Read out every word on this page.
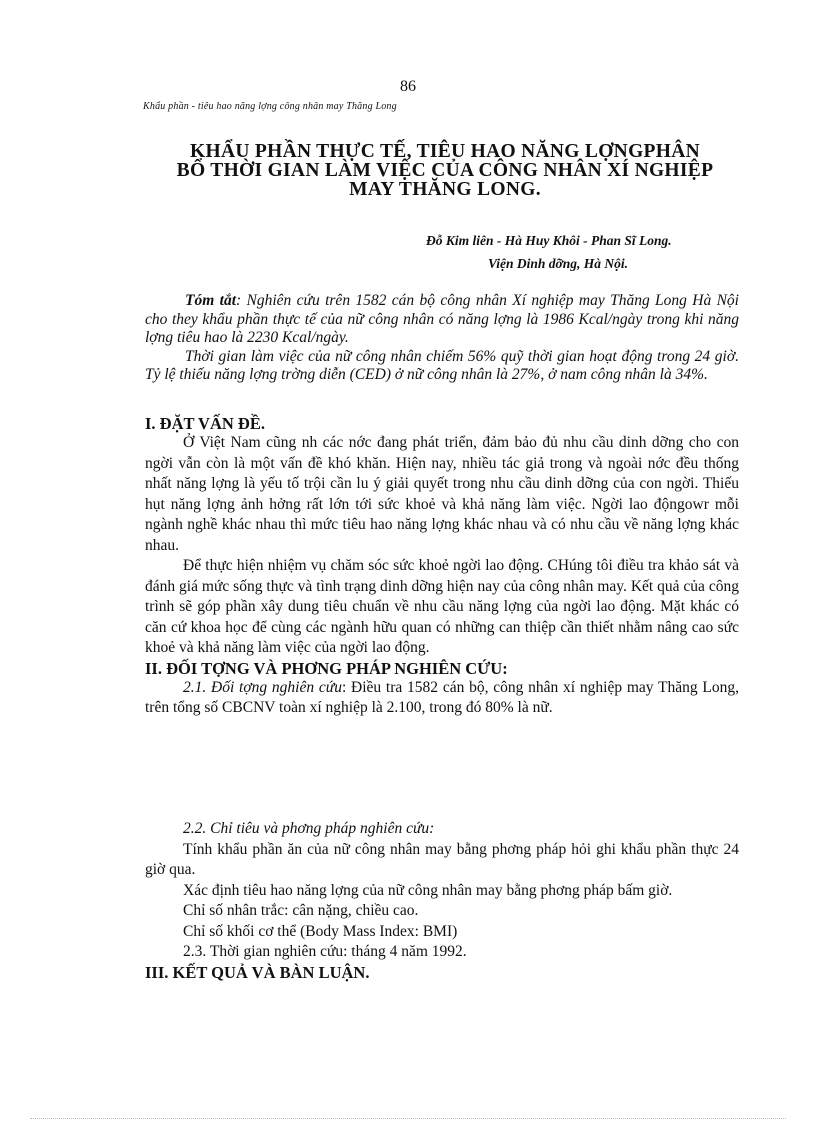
86
Khẩu phần - tiêu hao năng lợng công nhân may Thăng Long
KHẨU PHẦN THỰC TẾ, TIÊU HAO NĂNG LỢNGPHÂN
BỔ THỜI GIAN LÀM VIỆC CỦA CÔNG NHÂN XÍ NGHIỆP
MAY THĂNG LONG.
Đỗ Kim liên - Hà Huy Khôi - Phan Sĩ Long.
Viện Dinh dỡng, Hà Nội.

Tóm tắt: Nghiên cứu trên 1582 cán bộ công nhân Xí nghiệp may Thăng Long Hà Nội cho they khẩu phần thực tế của nữ công nhân có năng lợng là 1986 Kcal/ngày trong khi năng lợng tiêu hao là 2230 Kcal/ngày.

Thời gian làm việc của nữ công nhân chiếm 56% quỹ thời gian hoạt động trong 24 giờ. Tỷ lệ thiếu năng lợng trờng diễn (CED) ở nữ công nhân là 27%, ở nam công nhân là 34%.

I. ĐẶT VẤN ĐỀ.

Ở Việt Nam cũng nh các nớc đang phát triển, đảm bảo đủ nhu cầu dinh dỡng cho con ngời vẫn còn là một vấn đề khó khăn. Hiện nay, nhiều tác giả trong và ngoài nớc đều thống nhất năng lợng là yếu tố trội cần lu ý giải quyết trong nhu cầu dinh dỡng của con ngời. Thiếu hụt năng lợng ảnh hởng rất lớn tới sức khoẻ và khả năng làm việc. Ngời lao độngowr mỗi ngành nghề khác nhau thì mức tiêu hao năng lợng khác nhau và có nhu cầu về năng lợng khác nhau.

Để thực hiện nhiệm vụ chăm sóc sức khoẻ ngời lao động. CHúng tôi điều tra khảo sát và đánh giá mức sống thực và tình trạng dinh dỡng hiện nay của công nhân may. Kết quả của công trình sẽ góp phần xây dung tiêu chuẩn về nhu cầu năng lợng của ngời lao động. Mặt khác có căn cứ khoa học để cùng các ngành hữu quan có những can thiệp cần thiết nhằm nâng cao sức khoẻ và khả năng làm việc của ngời lao động.

II. ĐỐI TỢNG VÀ PHƠNG PHÁP NGHIÊN CỨU:

2.1. Đối tợng nghiên cứu: Điều tra 1582 cán bộ, công nhân xí nghiệp may Thăng Long, trên tổng số CBCNV toàn xí nghiệp là 2.100, trong đó 80% là nữ.

2.2. Chỉ tiêu và phơng pháp nghiên cứu:

Tính khẩu phần ăn của nữ công nhân may bằng phơng pháp hỏi ghi khẩu phần thực 24 giờ qua.

Xác định tiêu hao năng lợng của nữ công nhân may bằng phơng pháp bấm giờ.

Chỉ số nhân trắc: cân nặng, chiều cao.

Chỉ số khối cơ thể (Body Mass Index: BMI)

2.3. Thời gian nghiên cứu: tháng 4 năm 1992.

III. KẾT QUẢ VÀ BÀN LUẬN.
